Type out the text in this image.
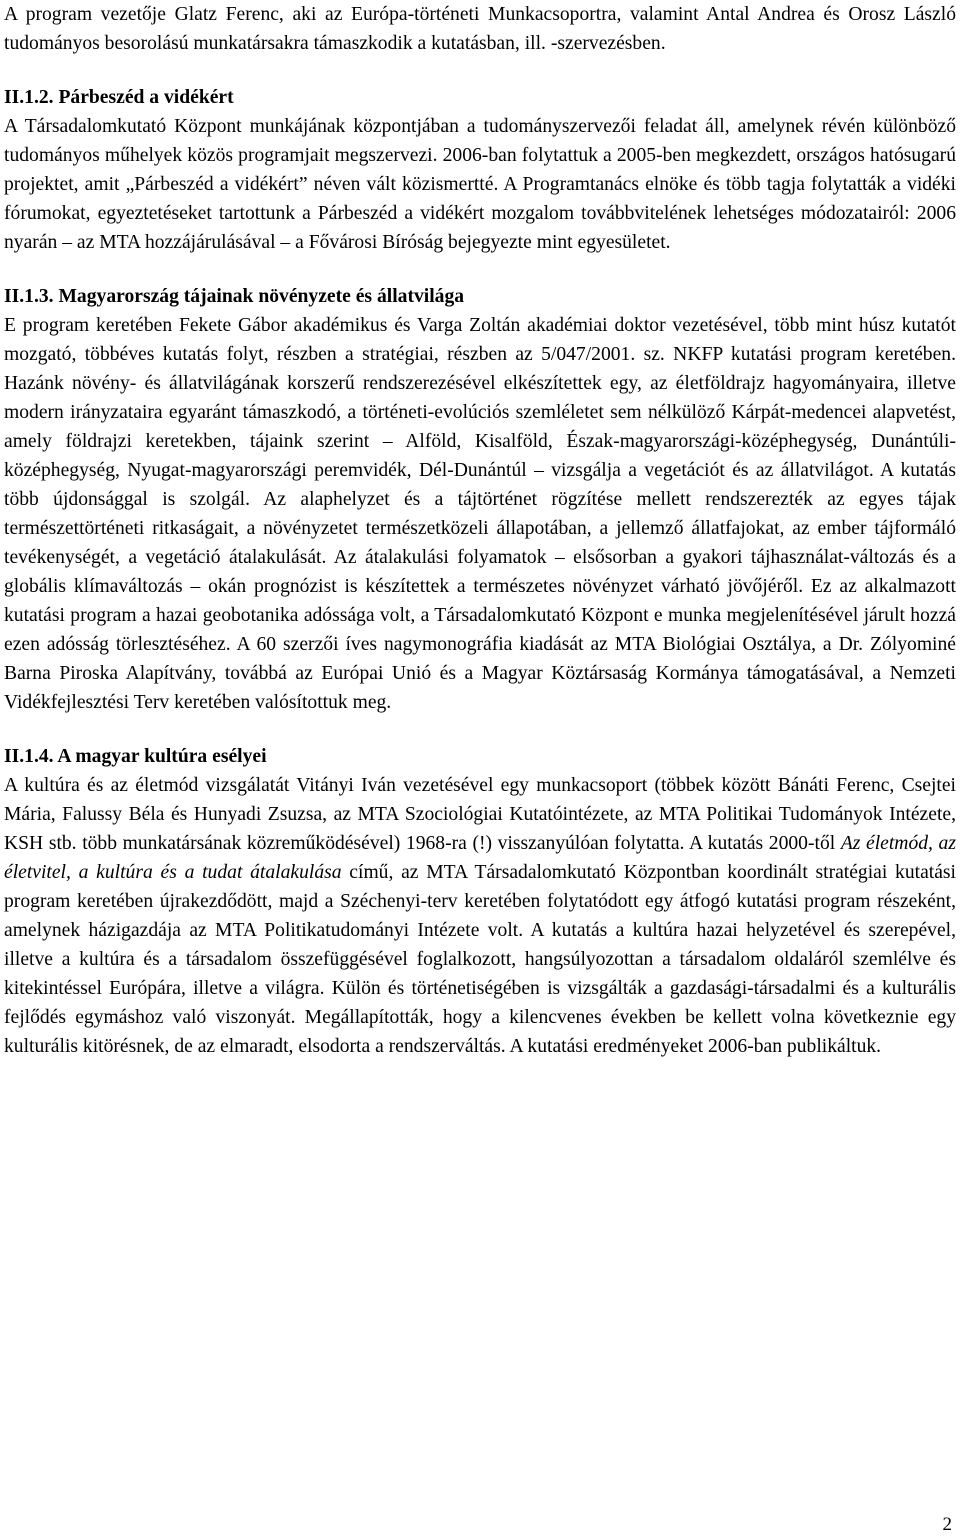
A program vezetője Glatz Ferenc, aki az Európa-történeti Munkacsoportra, valamint Antal Andrea és Orosz László tudományos besorolású munkatársakra támaszkodik a kutatásban, ill. -szervezésben.

II.1.2. Párbeszéd a vidékért
A Társadalomkutató Központ munkájának központjában a tudományszervezői feladat áll, amelynek révén különböző tudományos műhelyek közös programjait megszervezi. 2006-ban folytattuk a 2005-ben megkezdett, országos hatósugarú projektet, amit „Párbeszéd a vidékért” néven vált közismertté. A Programtanács elnöke és több tagja folytatták a vidéki fórumokat, egyeztetéseket tartottunk a Párbeszéd a vidékért mozgalom továbbvitelének lehetséges módozatairól: 2006 nyarán – az MTA hozzájárulásával – a Fővárosi Bíróság bejegyezte mint egyesületet.

II.1.3. Magyarország tájainak növényzete és állatvilága
E program keretében Fekete Gábor akadémikus és Varga Zoltán akadémiai doktor vezetésével, több mint húsz kutatót mozgató, többéves kutatás folyt, részben a stratégiai, részben az 5/047/2001. sz. NKFP kutatási program keretében. Hazánk növény- és állatvilágának korszerű rendszerezésével elkészítettek egy, az életföldrajz hagyományaira, illetve modern irányzataira egyaránt támaszkodó, a történeti-evolúciós szemléletet sem nélkülöző Kárpát-medencei alapvetést, amely földrajzi keretekben, tájaink szerint – Alföld, Kisalföld, Észak-magyarországi-középhegység, Dunántúli-középhegység, Nyugat-magyarországi peremvidék, Dél-Dunántúl – vizsgálja a vegetációt és az állatvilágot. A kutatás több újdonsággal is szolgál. Az alaphelyzet és a tájtörténet rögzítése mellett rendszerezték az egyes tájak természettörténeti ritkaságait, a növényzetet természetközeli állapotában, a jellemző állatfajokat, az ember tájformáló tevékenységét, a vegetáció átalakulását. Az átalakulási folyamatok – elsősorban a gyakori tájhasználat-változás és a globális klímaváltozás – okán prognózist is készítettek a természetes növényzet várható jövőjéről. Ez az alkalmazott kutatási program a hazai geobotanika adóssága volt, a Társadalomkutató Központ e munka megjelenítésével járult hozzá ezen adósság törlesztéséhez. A 60 szerzői íves nagymonográfia kiadását az MTA Biológiai Osztálya, a Dr. Zólyominé Barna Piroska Alapítvány, továbbá az Európai Unió és a Magyar Köztársaság Kormánya támogatásával, a Nemzeti Vidékfejlesztési Terv keretében valósítottuk meg.

II.1.4. A magyar kultúra esélyei
A kultúra és az életmód vizsgálatát Vitányi Iván vezetésével egy munkacsoport (többek között Bánáti Ferenc, Csejtei Mária, Falussy Béla és Hunyadi Zsuzsa, az MTA Szociológiai Kutatóintézete, az MTA Politikai Tudományok Intézete, KSH stb. több munkatársának közreműködésével) 1968-ra (!) visszanyúlóan folytatta. A kutatás 2000-től Az életmód, az életvitel, a kultúra és a tudat átalakulása című, az MTA Társadalomkutató Központban koordinált stratégiai kutatási program keretében újrakezdődött, majd a Széchenyi-terv keretében folytatódott egy átfogó kutatási program részeként, amelynek házigazdája az MTA Politikatudományi Intézete volt. A kutatás a kultúra hazai helyzetével és szerepével, illetve a kultúra és a társadalom összefüggésével foglalkozott, hangsúlyozottan a társadalom oldaláról szemlélve és kitekintéssel Európára, illetve a világra. Külön és történetiségében is vizsgálták a gazdasági-társadalmi és a kulturális fejlődés egymáshoz való viszonyát. Megállapították, hogy a kilencvenes években be kellett volna következnie egy kulturális kitörésnek, de az elmaradt, elsodorta a rendszerváltás. A kutatási eredményeket 2006-ban publikáltuk.

2
